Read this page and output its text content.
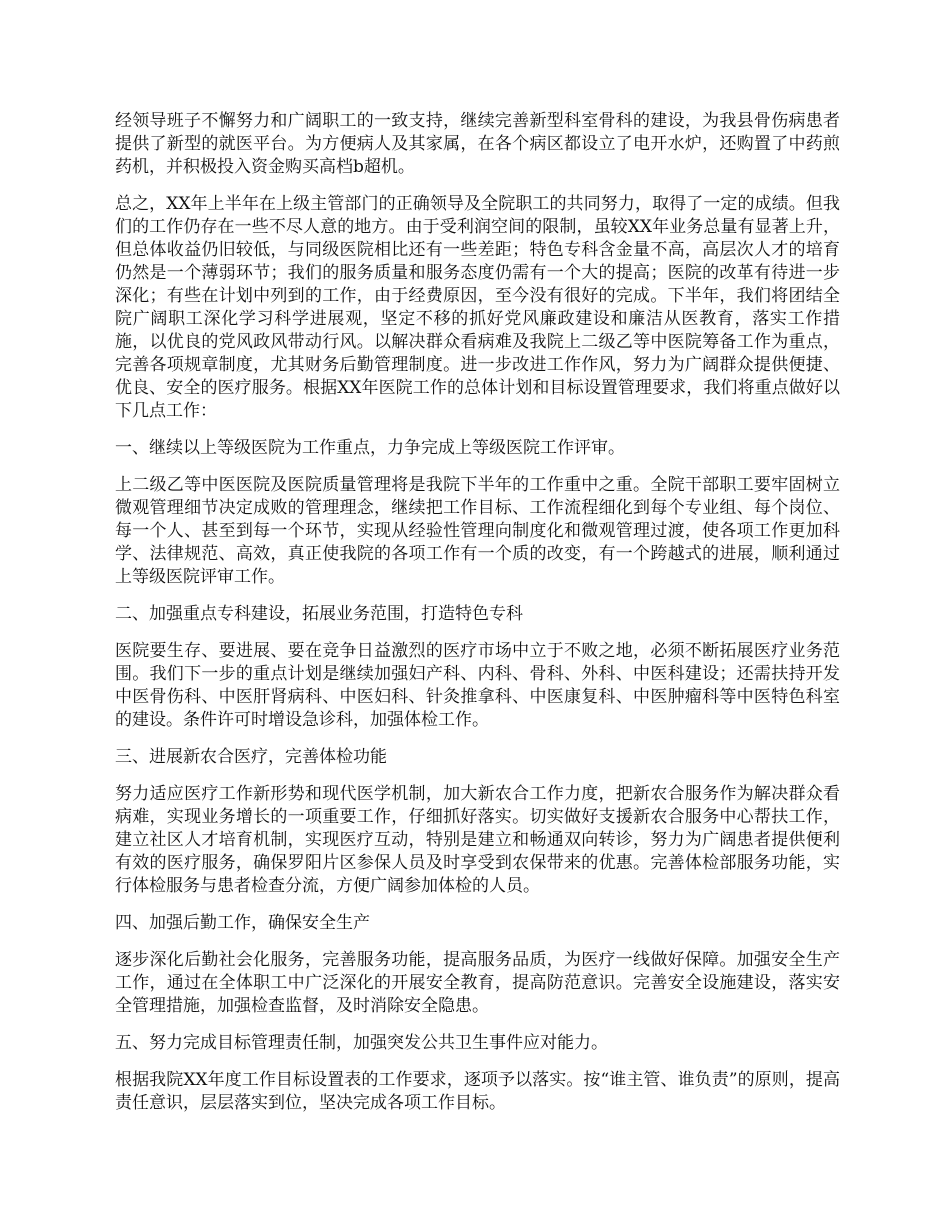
经领导班子不懈努力和广阔职工的一致支持，继续完善新型科室骨科的建设，为我县骨伤病患者提供了新型的就医平台。为方便病人及其家属，在各个病区都设立了电开水炉，还购置了中药煎药机，并积极投入资金购买高档b超机。

总之，XX年上半年在上级主管部门的正确领导及全院职工的共同努力，取得了一定的成绩。但我们的工作仍存在一些不尽人意的地方。由于受利润空间的限制，虽较XX年业务总量有显著上升，但总体收益仍旧较低，与同级医院相比还有一些差距；特色专科含金量不高，高层次人才的培育仍然是一个薄弱环节；我们的服务质量和服务态度仍需有一个大的提高；医院的改革有待进一步深化；有些在计划中列到的工作，由于经费原因，至今没有很好的完成。下半年，我们将团结全院广阔职工深化学习科学进展观，坚定不移的抓好党风廉政建设和廉洁从医教育，落实工作措施，以优良的党风政风带动行风。以解决群众看病难及我院上二级乙等中医院筹备工作为重点，完善各项规章制度，尤其财务后勤管理制度。进一步改进工作作风，努力为广阔群众提供便捷、优良、安全的医疗服务。根据XX年医院工作的总体计划和目标设置管理要求，我们将重点做好以下几点工作：

一、继续以上等级医院为工作重点，力争完成上等级医院工作评审。

上二级乙等中医医院及医院质量管理将是我院下半年的工作重中之重。全院干部职工要牢固树立微观管理细节决定成败的管理理念，继续把工作目标、工作流程细化到每个专业组、每个岗位、每一个人、甚至到每一个环节，实现从经验性管理向制度化和微观管理过渡，使各项工作更加科学、法律规范、高效，真正使我院的各项工作有一个质的改变，有一个跨越式的进展，顺利通过上等级医院评审工作。

二、加强重点专科建设，拓展业务范围，打造特色专科

医院要生存、要进展、要在竞争日益激烈的医疗市场中立于不败之地，必须不断拓展医疗业务范围。我们下一步的重点计划是继续加强妇产科、内科、骨科、外科、中医科建设；还需扶持开发中医骨伤科、中医肝肾病科、中医妇科、针灸推拿科、中医康复科、中医肿瘤科等中医特色科室的建设。条件许可时增设急诊科，加强体检工作。

三、进展新农合医疗，完善体检功能

努力适应医疗工作新形势和现代医学机制，加大新农合工作力度，把新农合服务作为解决群众看病难，实现业务增长的一项重要工作，仔细抓好落实。切实做好支援新农合服务中心帮扶工作，建立社区人才培育机制，实现医疗互动，特别是建立和畅通双向转诊，努力为广阔患者提供便利有效的医疗服务，确保罗阳片区参保人员及时享受到农保带来的优惠。完善体检部服务功能，实行体检服务与患者检查分流，方便广阔参加体检的人员。

四、加强后勤工作，确保安全生产

逐步深化后勤社会化服务，完善服务功能，提高服务品质，为医疗一线做好保障。加强安全生产工作，通过在全体职工中广泛深化的开展安全教育，提高防范意识。完善安全设施建设，落实安全管理措施，加强检查监督，及时消除安全隐患。

五、努力完成目标管理责任制，加强突发公共卫生事件应对能力。

根据我院XX年度工作目标设置表的工作要求，逐项予以落实。按“谁主管、谁负责”的原则，提高责任意识，层层落实到位，坚决完成各项工作目标。
